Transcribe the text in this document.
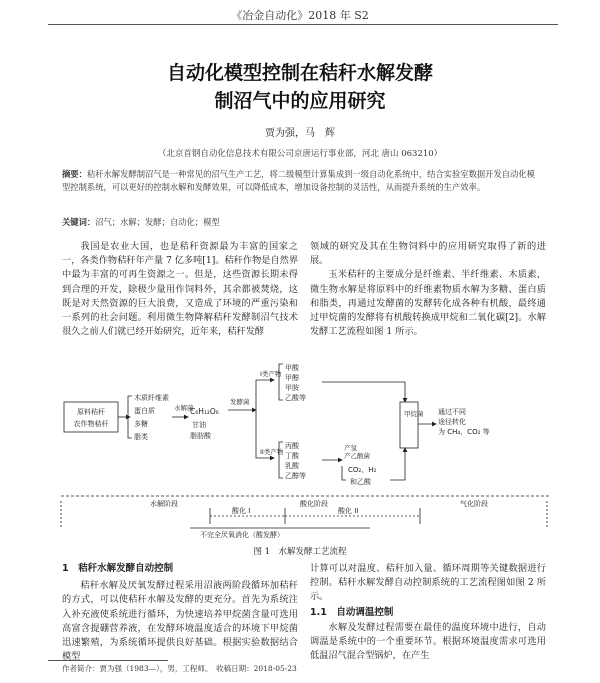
《冶金自动化》2018 年 S2
自动化模型控制在秸秆水解发酵
制沼气中的应用研究
贾为强，马　辉
（北京首钢自动化信息技术有限公司京唐运行事业部，河北 唐山 063210）
摘要：秸秆水解发酵制沼气是一种常见的沼气生产工艺，将二级模型计算集成到一级自动化系统中，结合实验室数据开发自动化模型控制系统，可以更好的控制水解和发酵效果，可以降低成本，增加设备控制的灵活性，从而提升系统的生产效率。
关键词：沼气；水解；发酵；自动化；模型

我国是农业大国，也是秸秆资源最为丰富的国家之一，各类作物秸秆年产量 7 亿多吨[1]。秸秆作物是自然界中最为丰富的可再生资源之一。但是，这些资源长期未得到合理的开发，除极少量用作饲料外，其余都被焚烧，这既是对天然资源的巨大浪费，又造成了环境的严重污染和一系列的社会问题。利用微生物降解秸秆发酵制沼气技术很久之前人们就已经开始研究，近年来，秸秆发酵

领域的研究及其在生物饲料中的应用研究取得了新的进展。

玉米秸秆的主要成分是纤维素、半纤维素、木质素，微生物水解是将原料中的纤维素物质水解为多糖、蛋白质和脂类，再通过发酵菌的发酵转化成各种有机酸，最终通过甲烷菌的发酵将有机酸转换成甲烷和二氧化碳[2]。水解发酵工艺流程如图 1 所示。

原料秸秆
农作物秸秆
木质纤维素
蛋白质
多糖
脂类
水解菌
C₆H₁₂O₆
甘油
脂肪酸
发酵菌
I类产物
II类产物
甲酸
甲醇
甲胺
乙酸等
丙酸
丁酸
乳酸
乙醇等
产氢
产乙酸菌
CO₂、H₂
和乙酸
甲烷菌 通过不同
途径转化
为 CH₄、CO₂ 等
水解阶段	酸化阶段	气化阶段
酸化 I	酸化 II
不完全厌氧消化（酸发酵）
图 1　水解发酵工艺流程
1　秸秆水解发酵自动控制

秸秆水解及厌氧发酵过程采用沼液两阶段循环加秸秆的方式，可以使秸秆水解及发酵的更充分。首先为系统注入补充液使系统进行循环，为快速培养甲烷菌含量可选用高富含提硼营养液，在发酵环境温度适合的环境下甲烷菌迅速繁殖，为系统循环提供良好基础。根据实验数据结合模型

计算可以对温度、秸秆加入量、循环周期等关键数据进行控制。秸秆水解发酵自动控制系统的工艺流程图如图 2 所示。

1.1　自动调温控制

水解及发酵过程需要在最佳的温度环境中进行，自动调温是系统中的一个重要环节。根据环境温度需求可选用低温沼气混合型锅炉，在产生

作者简介：贾为强（1983—），男，工程师。　收稿日期：2018-05-23
